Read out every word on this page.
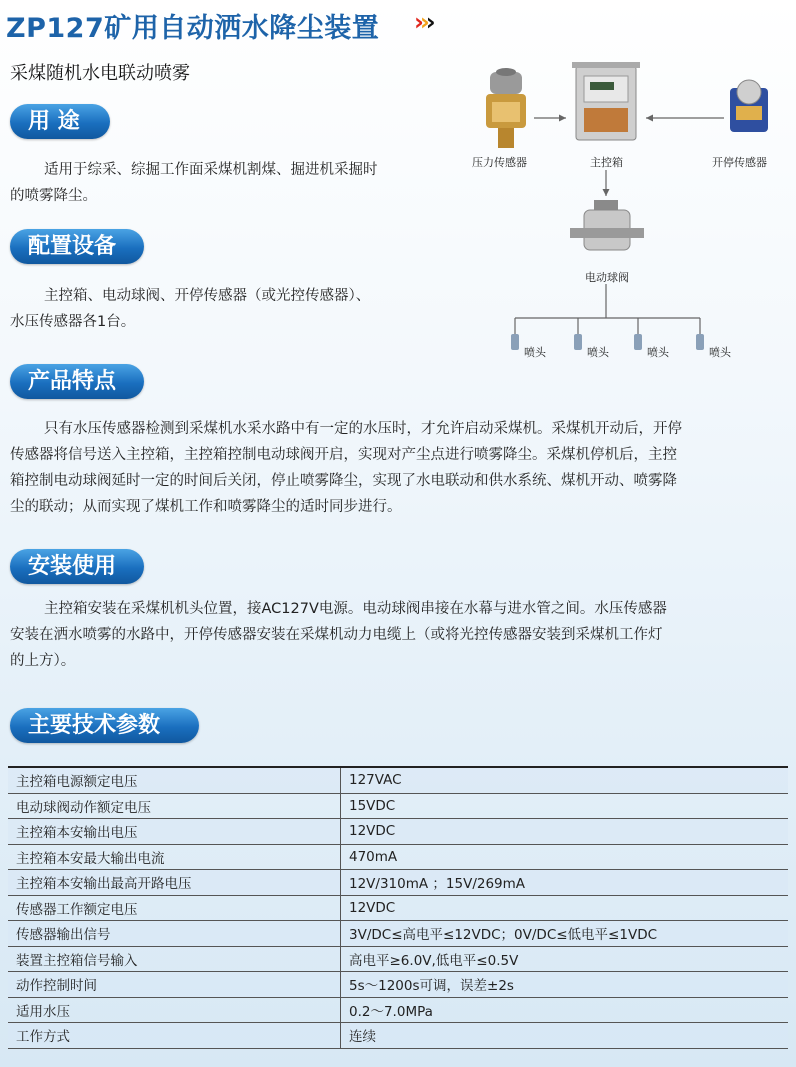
ZP127矿用自动洒水降尘装置 ›››
采煤随机水电联动喷雾
用 途
适用于综采、综掘工作面采煤机割煤、掘进机采掘时
的喷雾降尘。
配置设备
主控箱、电动球阀、开停传感器（或光控传感器）、
水压传感器各1台。
产品特点
只有水压传感器检测到采煤机水采水路中有一定的水压时，才允许启动采煤机。采煤机开动后，开停
传感器将信号送入主控箱，主控箱控制电动球阀开启，实现对产尘点进行喷雾降尘。采煤机停机后，主控
箱控制电动球阀延时一定的时间后关闭，停止喷雾降尘，实现了水电联动和供水系统、煤机开动、喷雾降
尘的联动；从而实现了煤机工作和喷雾降尘的适时同步进行。
安装使用
主控箱安装在采煤机机头位置，接AC127V电源。电动球阀串接在水幕与进水管之间。水压传感器
安装在洒水喷雾的水路中，开停传感器安装在采煤机动力电缆上（或将光控传感器安装到采煤机工作灯
的上方）。
主要技术参数
主控箱电源额定电压	127VAC
电动球阀动作额定电压	15VDC
主控箱本安输出电压	12VDC
主控箱本安最大输出电流	470mA
主控箱本安输出最高开路电压	12V/310mA ；15V/269mA
传感器工作额定电压	12VDC
传感器输出信号	3V/DC≤高电平≤12VDC；0V/DC≤低电平≤1VDC
装置主控箱信号输入	高电平≥6.0V,低电平≤0.5V
动作控制时间	5s～1200s可调，误差±2s
适用水压	0.2～7.0MPa
工作方式	连续
压力传感器	主控箱	开停传感器
电动球阀
喷头	喷头	喷头	喷头
